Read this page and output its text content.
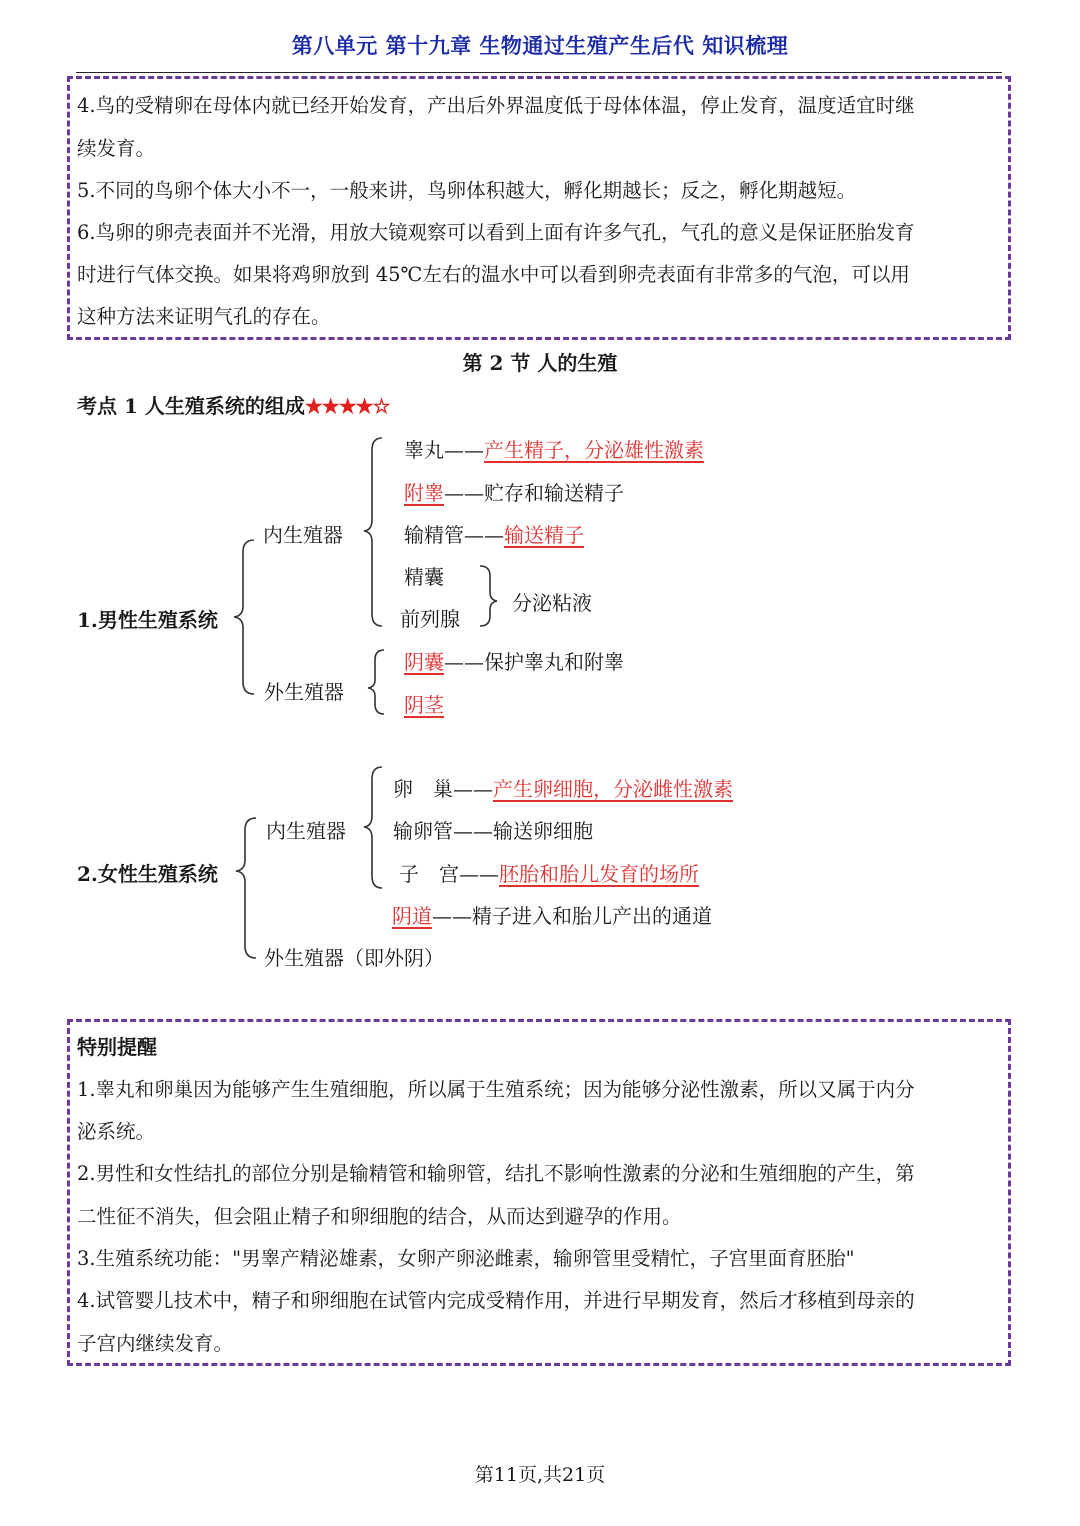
第八单元 第十九章 生物通过生殖产生后代 知识梳理
4.鸟的受精卵在母体内就已经开始发育，产出后外界温度低于母体体温，停止发育，温度适宜时继
续发育。
5.不同的鸟卵个体大小不一，一般来讲，鸟卵体积越大，孵化期越长；反之，孵化期越短。
6.鸟卵的卵壳表面并不光滑，用放大镜观察可以看到上面有许多气孔，气孔的意义是保证胚胎发育
时进行气体交换。如果将鸡卵放到 45℃左右的温水中可以看到卵壳表面有非常多的气泡，可以用
这种方法来证明气孔的存在。
第 2 节 人的生殖
考点 1 人生殖系统的组成★★★★☆
1.男性生殖系统
内生殖器
外生殖器
睾丸——产生精子，分泌雄性激素
附睾——贮存和输送精子
输精管——输送精子
精囊
前列腺
分泌粘液
阴囊——保护睾丸和附睾
阴茎
2.女性生殖系统
内生殖器
卵　巢——产生卵细胞，分泌雌性激素
输卵管——输送卵细胞
子　宫——胚胎和胎儿发育的场所
阴道——精子进入和胎儿产出的通道
外生殖器（即外阴）
特别提醒
1.睾丸和卵巢因为能够产生生殖细胞，所以属于生殖系统；因为能够分泌性激素，所以又属于内分
泌系统。
2.男性和女性结扎的部位分别是输精管和输卵管，结扎不影响性激素的分泌和生殖细胞的产生，第
二性征不消失，但会阻止精子和卵细胞的结合，从而达到避孕的作用。
3.生殖系统功能："男睾产精泌雄素，女卵产卵泌雌素，输卵管里受精忙，子宫里面育胚胎"
4.试管婴儿技术中，精子和卵细胞在试管内完成受精作用，并进行早期发育，然后才移植到母亲的
子宫内继续发育。
第11页,共21页
